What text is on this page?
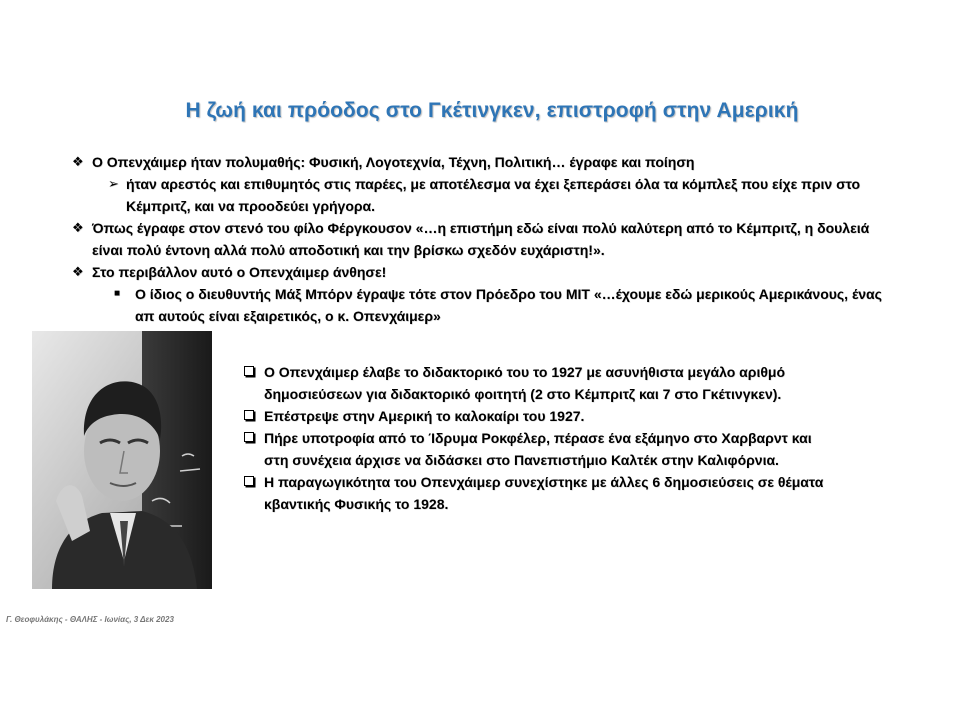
Η ζωή και πρόοδος στο Γκέτινγκεν, επιστροφή στην Αμερική

❖ Ο Οπενχάιμερ ήταν πολυμαθής: Φυσική, Λογοτεχνία, Τέχνη, Πολιτική… έγραφε και ποίηση

➢ ήταν αρεστός και επιθυμητός στις παρέες, με αποτέλεσμα να έχει ξεπεράσει όλα τα κόμπλεξ που είχε πριν στο Κέμπριτζ, και να προοδεύει γρήγορα.

❖ Όπως έγραφε στον στενό του φίλο Φέργκουσον «…η επιστήμη εδώ είναι πολύ καλύτερη από το Κέμπριτζ, η δουλειά είναι πολύ έντονη αλλά πολύ αποδοτική και την βρίσκω σχεδόν ευχάριστη!».

❖ Στο περιβάλλον αυτό ο Οπενχάιμερ άνθησε!

■ Ο ίδιος ο διευθυντής Μάξ Μπόρν έγραψε τότε στον Πρόεδρο του ΜΙΤ «…έχουμε εδώ μερικούς Αμερικάνους, ένας απ αυτούς είναι εξαιρετικός, ο κ. Οπενχάιμερ»

Ο Οπενχάιμερ έλαβε το διδακτορικό του το 1927 με ασυνήθιστα μεγάλο αριθμό δημοσιεύσεων για διδακτορικό φοιτητή (2 στο Κέμπριτζ και 7 στο Γκέτινγκεν).

Επέστρεψε στην Αμερική το καλοκαίρι του 1927.

Πήρε υποτροφία από το Ίδρυμα Ροκφέλερ, πέρασε ένα εξάμηνο στο Χαρβαρντ και στη συνέχεια άρχισε να διδάσκει στο Πανεπιστήμιο Καλτέκ στην Καλιφόρνια.

Η παραγωγικότητα του Οπενχάιμερ συνεχίστηκε με άλλες 6 δημοσιεύσεις σε θέματα κβαντικής Φυσικής το 1928.

Γ. Θεοφυλάκης - ΘΑΛΗΣ - Ιωνίας, 3 Δεκ 2023
